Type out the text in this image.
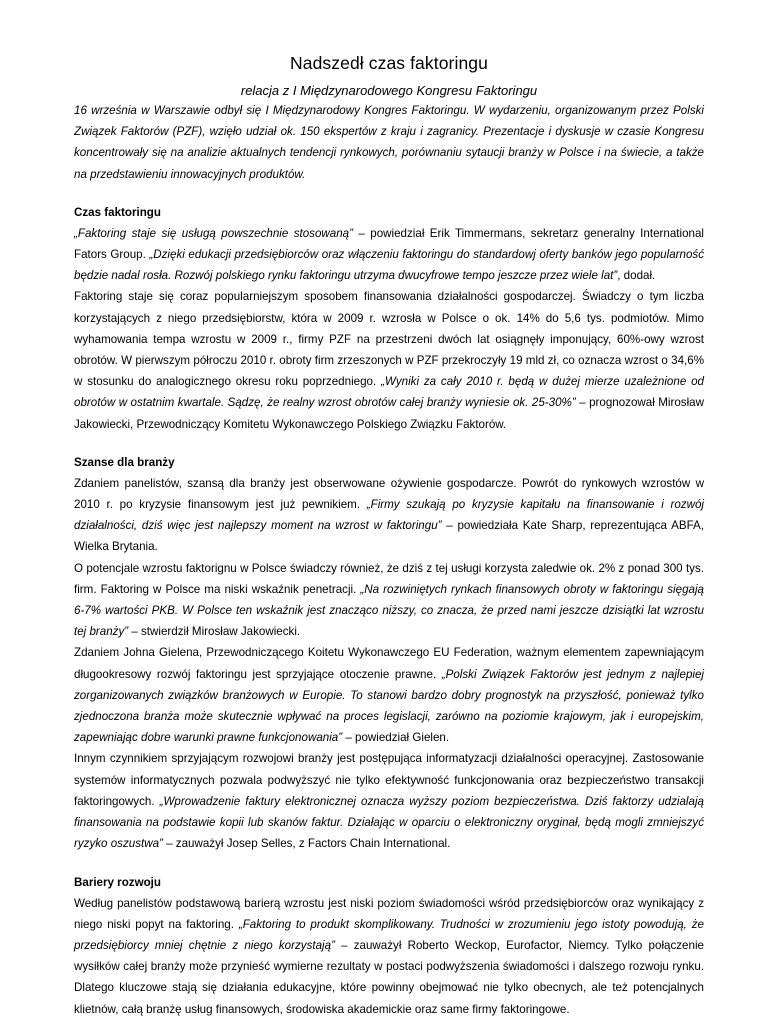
Nadszedł czas faktoringu

relacja z I Międzynarodowego Kongresu Faktoringu

16 września w Warszawie odbył się I Międzynarodowy Kongres Faktoringu. W wydarzeniu, organizowanym przez Polski Związek Faktorów (PZF), wzięło udział ok. 150 ekspertów z kraju i zagranicy. Prezentacje i dyskusje w czasie Kongresu koncentrowały się na analizie aktualnych tendencji rynkowych, porównaniu sytaucji branży w Polsce i na świecie, a także na przedstawieniu innowacyjnych produktów.

Czas faktoringu

„Faktoring staje się usługą powszechnie stosowaną” – powiedział Erik Timmermans, sekretarz generalny International Fators Group. „Dzięki edukacji przedsiębiorców oraz włączeniu faktoringu do standardowj oferty banków jego popularność będzie nadal rosła. Rozwój polskiego rynku faktoringu utrzyma dwucyfrowe tempo jeszcze przez wiele lat”, dodał.

Faktoring staje się coraz popularniejszym sposobem finansowania działalności gospodarczej. Świadczy o tym liczba korzystających z niego przedsiębiorstw, która w 2009 r. wzrosła w Polsce o ok. 14% do 5,6 tys. podmiotów. Mimo wyhamowania tempa wzrostu w 2009 r., firmy PZF na przestrzeni dwóch lat osiągnęły imponujący, 60%-owy wzrost obrotów. W pierwszym półroczu 2010 r. obroty firm zrzeszonych w PZF przekroczyły 19 mld zł, co oznacza wzrost o 34,6% w stosunku do analogicznego okresu roku poprzedniego. „Wyniki za cały 2010 r. będą w dużej mierze uzależnione od obrotów w ostatnim kwartale. Sądzę, że realny wzrost obrotów całej branży wyniesie ok. 25-30%” – prognozował Mirosław Jakowiecki, Przewodniczący Komitetu Wykonawczego Polskiego Związku Faktorów.

Szanse dla branży

Zdaniem panelistów, szansą dla branży jest obserwowane ożywienie gospodarcze. Powrót do rynkowych wzrostów w 2010 r. po kryzysie finansowym jest już pewnikiem. „Firmy szukają po kryzysie kapitału na finansowanie i rozwój działalności, dziś więc jest najlepszy moment na wzrost w faktoringu” – powiedziała Kate Sharp, reprezentująca ABFA, Wielka Brytania.

O potencjale wzrostu faktorignu w Polsce świadczy również, że dziś z tej usługi korzysta zaledwie ok. 2% z ponad 300 tys. firm. Faktoring w Polsce ma niski wskaźnik penetracji. „Na rozwiniętych rynkach finansowych obroty w faktoringu sięgają 6-7% wartości PKB. W Polsce ten wskaźnik jest znacząco niższy, co znacza, że przed nami jeszcze dzisiątki lat wzrostu tej branży” – stwierdził Mirosław Jakowiecki.

Zdaniem Johna Gielena, Przewodniczącego Koitetu Wykonawczego EU Federation, ważnym elementem zapewniającym długookresowy rozwój faktoringu jest sprzyjające otoczenie prawne. „Polski Związek Faktorów jest jednym z najlepiej zorganizowanych związków branżowych w Europie. To stanowi bardzo dobry prognostyk na przyszłość, ponieważ tylko zjednoczona branża może skutecznie wpływać na proces legislacji, zarówno na poziomie krajowym, jak i europejskim, zapewniając dobre warunki prawne funkcjonowania” – powiedział Gielen.

Innym czynnikiem sprzyjającym rozwojowi branży jest postępująca informatyzacji działalności operacyjnej. Zastosowanie systemów informatycznych pozwala podwyższyć nie tylko efektywność funkcjonowania oraz bezpieczeństwo transakcji faktoringowych. „Wprowadzenie faktury elektronicznej oznacza wyższy poziom bezpieczeństwa. Dziś faktorzy udzialają finansowania na podstawie kopii lub skanów faktur. Działając w oparciu o elektroniczny oryginał, będą mogli zmniejszyć ryzyko oszustwa” – zauważył Josep Selles, z Factors Chain International.

Bariery rozwoju

Według panelistów podstawową barierą wzrostu jest niski poziom świadomości wśród przedsiębiorców oraz wynikający z niego niski popyt na faktoring. „Faktoring to produkt skomplikowany. Trudności w zrozumieniu jego istoty powodują, że przedsiębiorcy mniej chętnie z niego korzystają” – zauważył Roberto Weckop, Eurofactor, Niemcy. Tylko połączenie wysiłków całej branży może przynieść wymierne rezultaty w postaci podwyższenia świadomości i dalszego rozwoju rynku. Dlatego kluczowe stają się działania edukacyjne, które powinny obejmować nie tylko obecnych, ale też potencjalnych klietnów, całą branżę usług finansowych, środowiska akademickie oraz same firmy faktoringowe.
